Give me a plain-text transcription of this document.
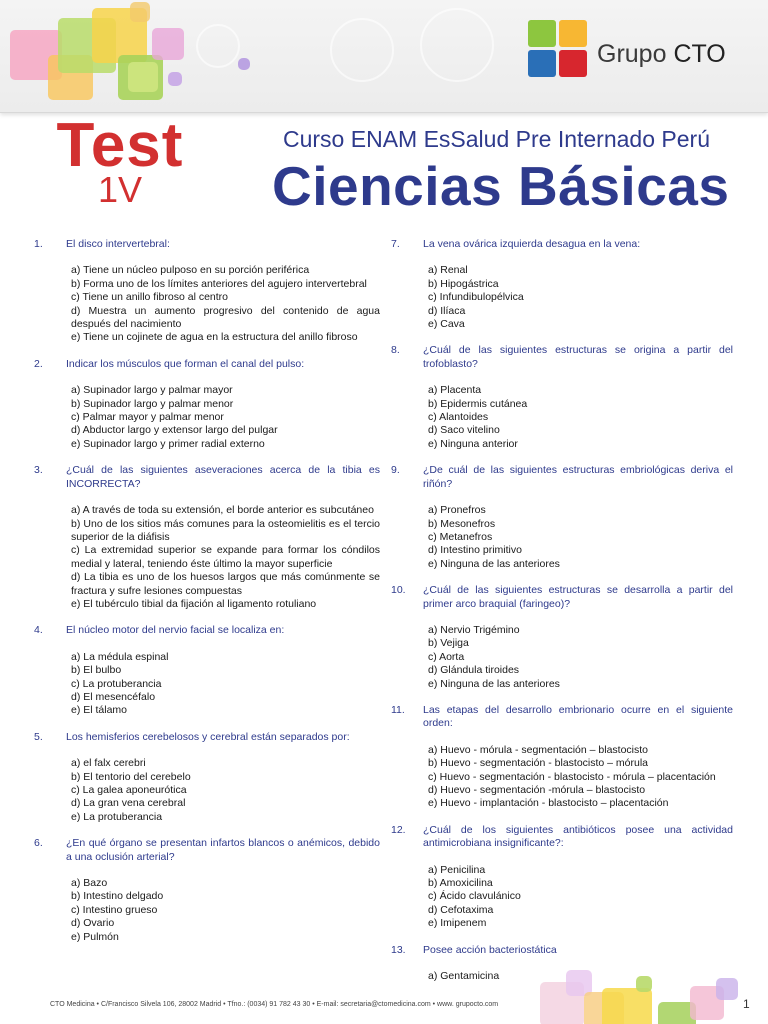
Grupo CTO
Test
1V
Curso ENAM EsSalud Pre Internado Perú
Ciencias Básicas
1.	El disco intervertebral:
a) Tiene un núcleo pulposo en su porción periférica
b) Forma uno de los límites anteriores del agujero intervertebral
c) Tiene un anillo fibroso al centro
d) Muestra un aumento progresivo del contenido de agua después del nacimiento
e) Tiene un cojinete de agua en la estructura del anillo fibroso
2.	Indicar los músculos que forman el canal del pulso:
a) Supinador largo y palmar mayor
b) Supinador largo y palmar menor
c) Palmar mayor y palmar menor
d) Abductor largo y extensor largo del pulgar
e) Supinador largo y primer radial externo
3.	¿Cuál de las siguientes aseveraciones acerca de la tibia es INCORRECTA?
a) A través de toda su extensión, el borde anterior es subcutáneo
b) Uno de los sitios más comunes para la osteomielitis es el tercio superior de la diáfisis
c) La extremidad superior se expande para formar los cóndilos medial y lateral, teniendo éste último la mayor superficie
d) La tibia es uno de los huesos largos que más comúnmente se fractura y sufre lesiones compuestas
e) El tubérculo tibial da fijación al ligamento rotuliano
4.	El núcleo motor del nervio facial se localiza en:
a) La médula espinal
b) El bulbo
c) La protuberancia
d) El mesencéfalo
e) El tálamo
5.	Los hemisferios cerebelosos y cerebral están separados por:
a) el falx cerebri
b) El tentorio del cerebelo
c) La galea aponeurótica
d) La gran vena cerebral
e) La protuberancia
6.	¿En qué órgano se presentan infartos blancos o anémicos, debido a una oclusión arterial?
a) Bazo
b) Intestino delgado
c) Intestino grueso
d) Ovario
e) Pulmón
7.	La vena ovárica izquierda desagua en la vena:
a) Renal
b) Hipogástrica
c) Infundibulopélvica
d) Ilíaca
e) Cava
8.	¿Cuál de las siguientes estructuras se origina a partir del trofoblasto?
a) Placenta
b) Epidermis cutánea
c) Alantoides
d) Saco vitelino
e) Ninguna anterior
9.	¿De cuál de las siguientes estructuras embriológicas deriva el riñón?
a) Pronefros
b) Mesonefros
c) Metanefros
d) Intestino primitivo
e) Ninguna de las anteriores
10.	¿Cuál de las siguientes estructuras se desarrolla a partir del primer arco braquial (faringeo)?
a) Nervio Trigémino
b) Vejiga
c) Aorta
d) Glándula tiroides
e) Ninguna de las anteriores
11.	Las etapas del desarrollo embrionario ocurre en el siguiente orden:
a) Huevo - mórula - segmentación – blastocisto
b) Huevo - segmentación - blastocisto – mórula
c) Huevo - segmentación - blastocisto - mórula – placentación
d) Huevo - segmentación -mórula – blastocisto
e) Huevo - implantación - blastocisto – placentación
12.	¿Cuál de los siguientes antibióticos posee una actividad antimicrobiana insignificante?:
a) Penicilina
b) Amoxicilina
c) Ácido clavulánico
d) Cefotaxima
e) Imipenem
13.	Posee acción bacteriostática
a) Gentamicina
CTO Medicina • C/Francisco Silvela 106, 28002 Madrid • Tfno.: (0034) 91 782 43 30 • E-mail: secretaria@ctomedicina.com • www. grupocto.com	1
